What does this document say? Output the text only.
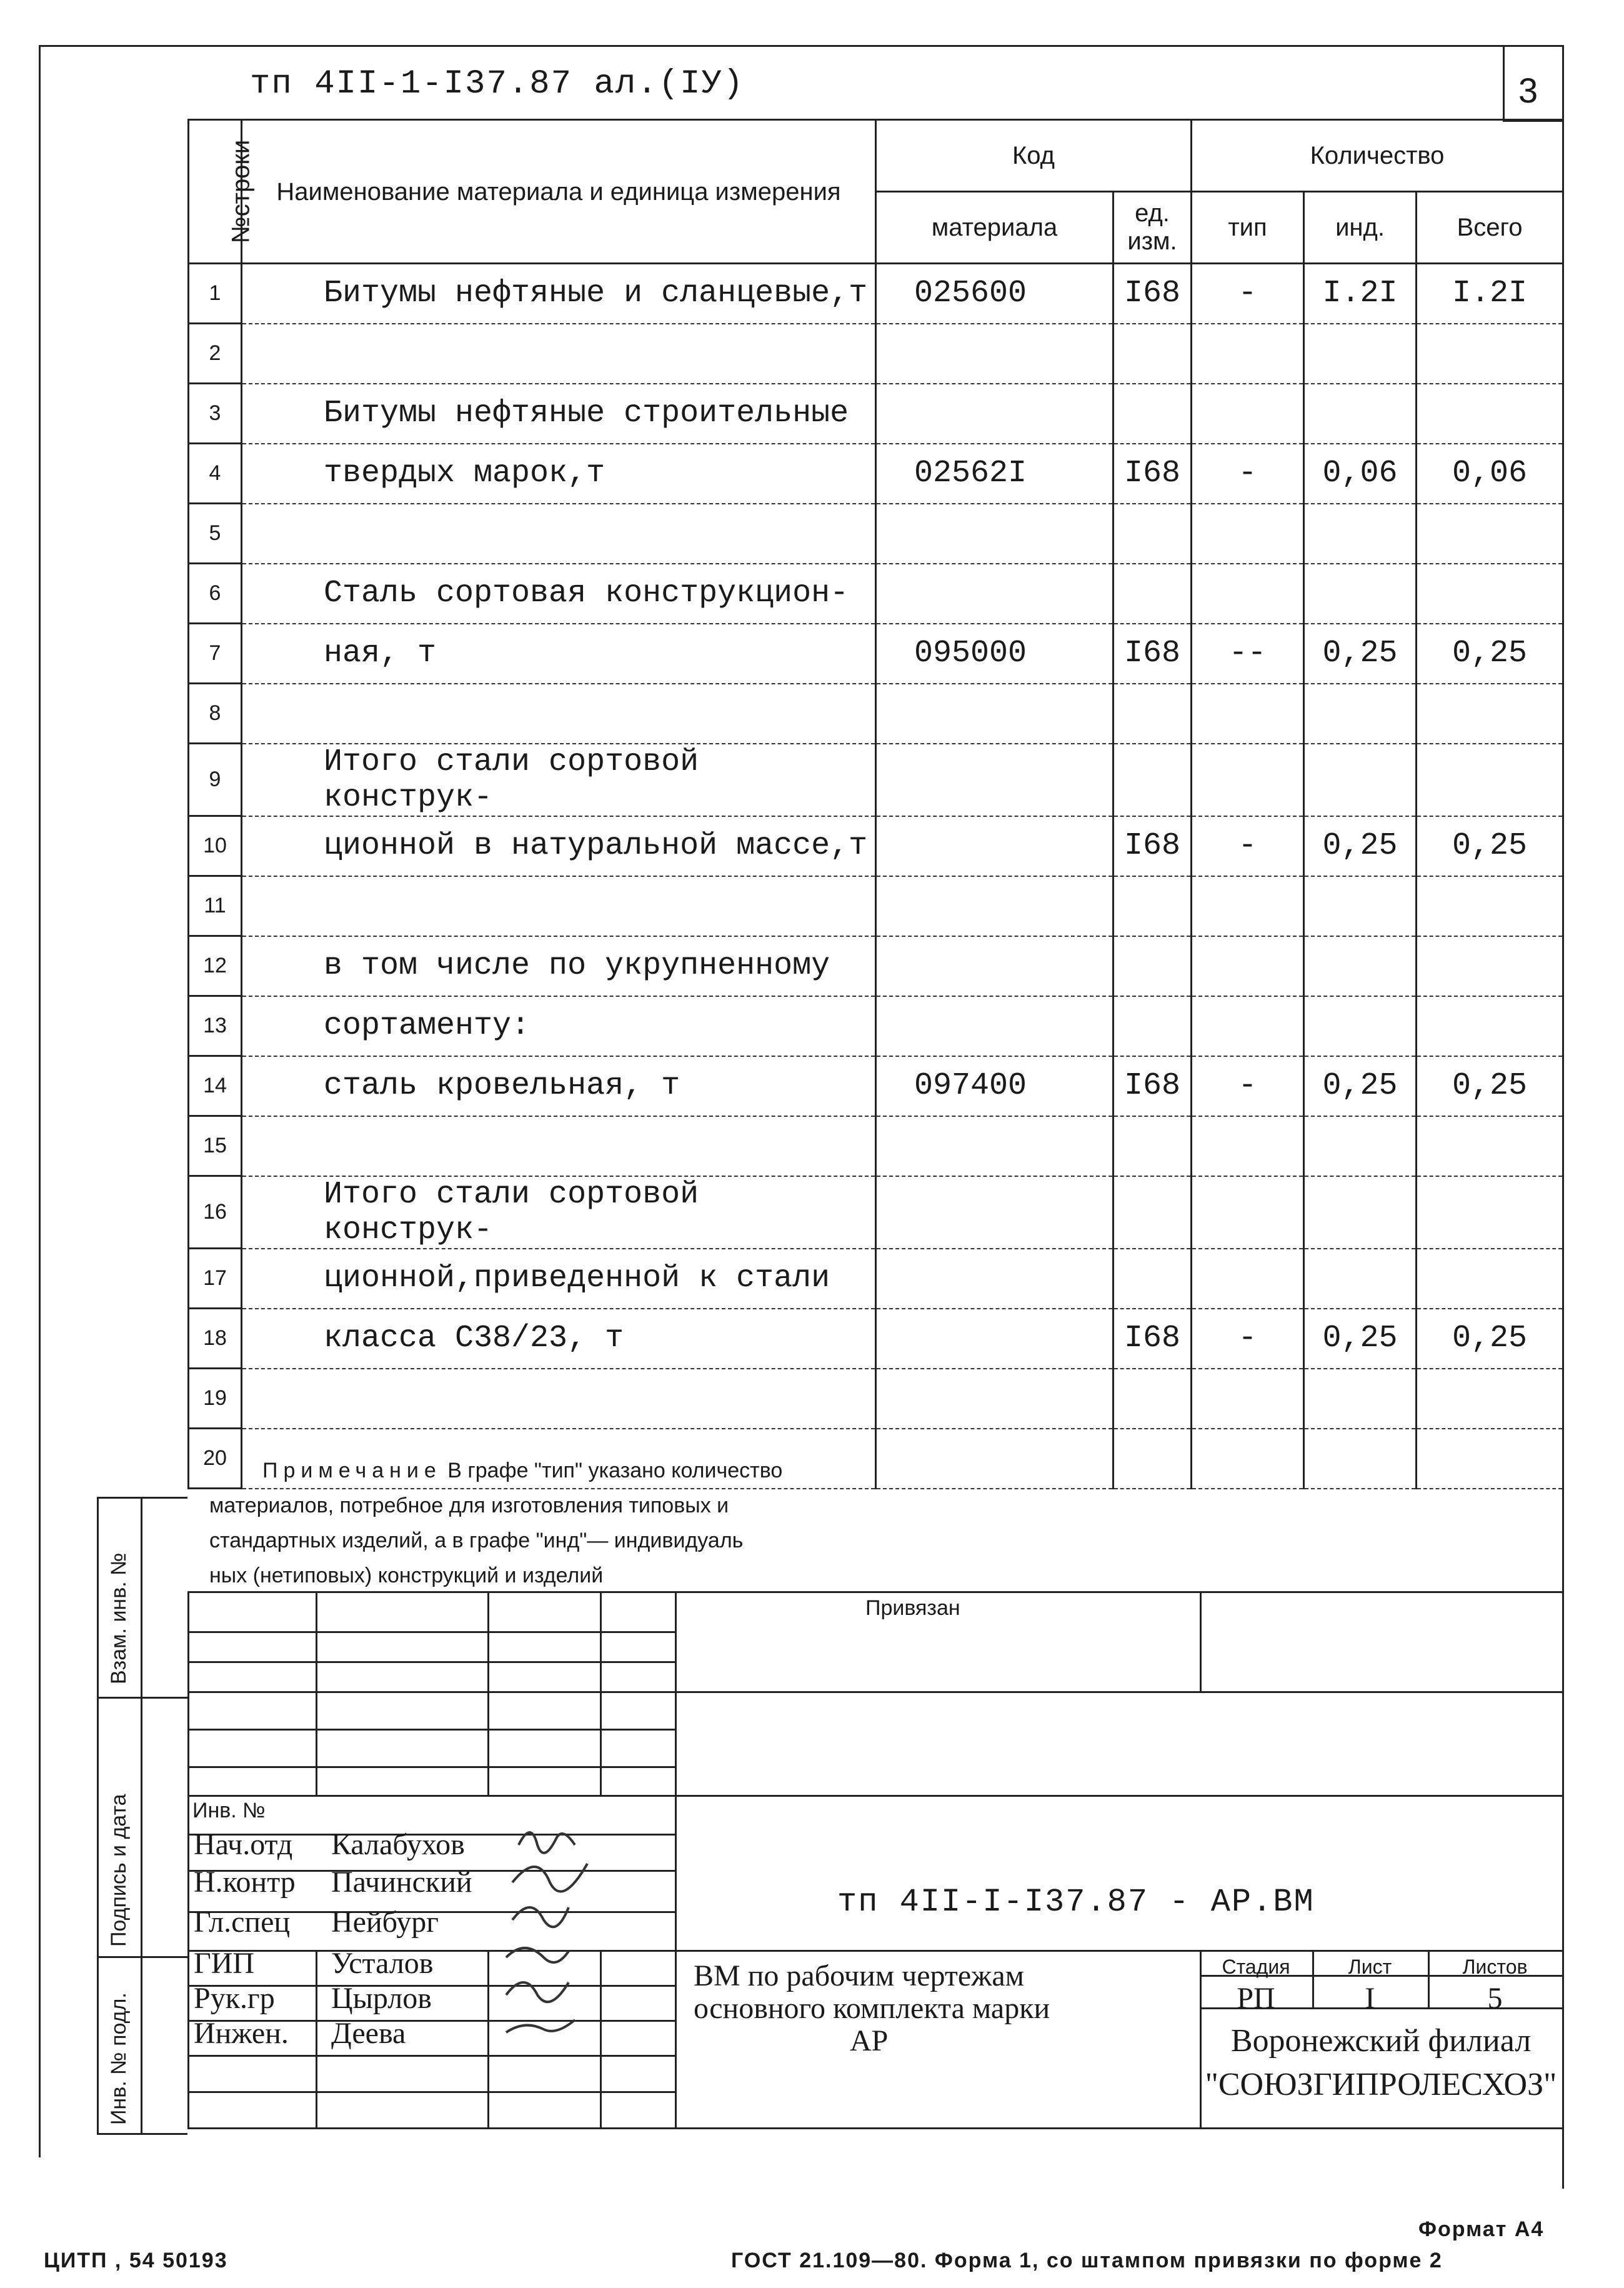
тп 4II-1-I37.87 ал.(IУ)	3
№строки	Наименование материала и единица измерения	Код		Количество		
		материала	ед. изм.	тип	инд.	Всего
1	Битумы нефтяные и сланцевые,т	025600	I68	-	I.2I	I.2I
2						
3	Битумы нефтяные строительные					
4	твердых марок,т	02562I	I68	-	0,06	0,06
5						
6	Сталь сортовая конструкцион-					
7	ная, т	095000	I68	--	0,25	0,25
8						
9	Итого стали сортовой конструк-					
10	ционной в натуральной массе,т		I68	-	0,25	0,25
11						
12	в том числе по укрупненному					
13	сортаменту:					
14	сталь кровельная, т	097400	I68	-	0,25	0,25
15						
16	Итого стали сортовой конструк-					
17	ционной,приведенной к стали					
18	класса С38/23, т		I68	-	0,25	0,25
19						
20						
Примечание В графе "тип" указано количество
материалов, потребное для изготовления типовых и
стандартных изделий, а в графе "инд"— индивидуаль
ных (нетиповых) конструкций и изделий
Привязан
Инв. №
Нач.отд Калабухов
Н.контр Пачинский
Гл.спец Нейбург
ГИП	Усталов
Рук.гр Цырлов
Инжен. Деева
тп 4II-I-I37.87 - АР.ВМ
ВМ по рабочим чертежам
основного комплекта марки
АР
Стадия	Лист	Листов
РП	I	5
Воронежский филиал
"СОЮЗГИПРОЛЕСХОЗ"
Взам. инв. №
Подпись и дата
Инв. № подл.
Формат А4
ЦИТП , 54 50193	ГОСТ 21.109—80. Форма 1, со штампом привязки по форме 2
